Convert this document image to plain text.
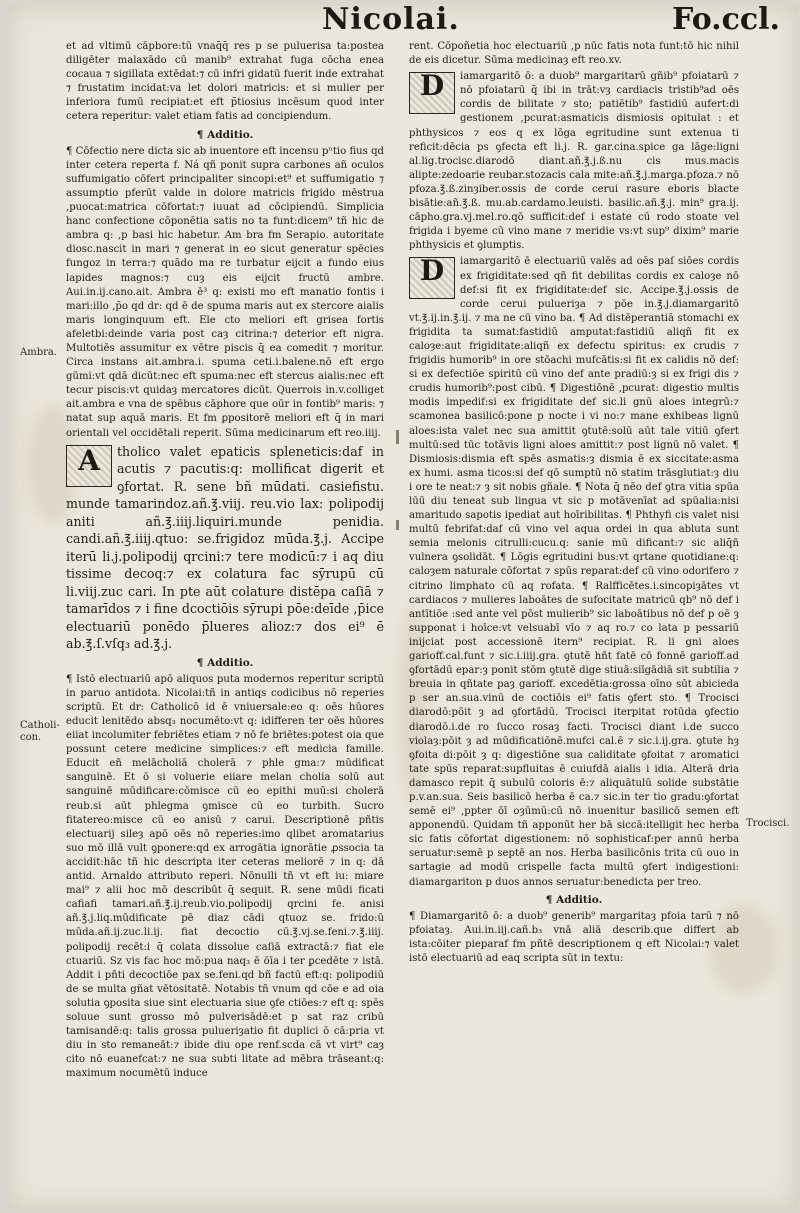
Nicolai.	Fo.ccl.
Ambra.
Catholi-
con.
Trocisci.

et ad vltimū cāpbore:tū vnaq̄q̄ res p se puluerisa ta:postea diligēter malaxādo cū manib⁹ extrahat fuga cōcha enea cocaua ⁊ sigillata extēdat:⁊ cū infri gidatū fuerit inde extrahat ⁊ frustatim incidat:va let dolori matricis: et si mulier per inferiora fumū recipiat:et eft p̄tiosius incēsum quod inter cetera reperitur: valet etiam fatis ad concipiendum.

¶ Additio.

¶ Cōfectio nere dicta sic ab inuentore eft incensu pⁿtio fius qd inter cetera reperta f. Ná qñ ponit supra carbones añ oculos suffumigatio cōfert principaliter sincopi:et⁹ et suffumigatio ⁊ assumptio pferūt valde in dolore matricis frigido mēstrua ,puocat:matrica cōfortat:⁊ iuuat ad cōcipiendū. Simplicia hanc confectione cōponētia satis no ta funt:dicem⁹ tñ hic de ambra q: ,p basi hic habetur. Am bra fm Serapio. autoritate diosc.nascit in mari ⁊ generat in eo sicut generatur spēcies fungoz in terra:⁊ quādo ma re turbatur eijcit a fundo eius lapides magnos:⁊ cuȝ eis eijcit fructū ambre. Aui.in.ij.cano.ait. Ambra ē³ q: existi mo eft manatio fontis i mari:illo ,p̄o qd dr: qd ē de spuma maris aut ex stercore aialis maris longinquum eft. Ele cto meliori eft grisea fortis afeletbi:deinde varia post caȝ citrina:⁊ deterior eft nigra. Multotiēs assumitur ex vētre piscis q̄ ea comedit ⁊ moritur. Circa instans ait.ambra.i. spuma ceti.i.balene.nō eft ergo gūmi:vt qdā dicūt:nec eft spuma:nec eft stercus aialis:nec eft tecur piscis:vt quidaȝ mercatores dicūt. Querrois in.v.colliget ait.ambra e vna de spēbus cāphore que oūr in fontib⁹ maris: ⁊ natat sup aquā maris. Et fm ꝑpositorē meliori eft q̄ in mari orientali vel occidētali reperit. Sūma medicinarum eft reo.iiij.

A	tholico valet epaticis spleneticis:daf in acutis ⁊ pacutis:q: mollificat digerit et ꝯfortat. R. sene bñ mūdati. casiefistu. munde tamarindoz.añ.℥.viij. reu.vio lax: polipodij aniti añ.℥.iiij.liquiri.munde penidia. candi.añ.℥.iiij.qtuo: se.frigidoz mūda.℥.j. Accipe iterū li.j.polipodij qrcini:⁊ tere modicū:⁊ i aq diu tissime decoq:⁊ ex colatura fac sȳrupū cū li.viij.zuc cari. In pte aūt colature distēpa caſiā ⁊ tamarīdos ⁊ i fine dcoctiōis sȳrupi pōe:deīde ,p̄ice electuariū ponēdo p̄lueres alioz:⁊ dos ei⁹ ē ab.℥.ſ.vſq₃ ad.℥.j.

¶ Additio.

¶ Istō electuariū apō aliquos puta modernos reperitur scriptū in paruo antidota. Nicolai:tñ in antiqs codicibus nō reperies scriptū. Et dr: Catholicō id ē vniuersale:eo q: oēs hūores educit lenitēdo absq₃ nocumēto:vt q: idifferen ter oēs hūores eiiat incolumiter febriētes etiam ⁊ nō fe briētes:potest oia que possunt cetere medicine simplices:⁊ eft medicia famille. Educit eñ melācholiā cholerā ⁊ phle gma:⁊ mūdificat sanguinē. Et ō si voluerie eiiare melan cholia solū aut sanguinē mūdificare:cōmisce cū eo epithi muū:si cholerā reub.si aūt phlegma ꝯmisce cū eo turbith. Sucro fitatereo:misce cū eo anisū ⁊ carui. Descriptionē pñtis electuarij sileȝ apō oēs nō reperies:imo qlibet aromatarius suo mō illā vult ꝯponere:qd ex arrogātia ignorātie ꝓssocia ta accidit:hāc tñ hic descripta iter ceteras meliorē ⁊ in q: dā antid. Arnaldo attributo reperi. Nōnulli tñ vt eft iu: miare mai⁹ ⁊ alii hoc mō describūt q̄ sequit. R. sene mūdi ficati cafiafi tamari.añ.℥.ij.reub.vio.polipodij qrcini fe. anisi añ.℥.j.liq.mūdificate pē diaz cādi qtuoz se. frido:ū mūda.añ.ij.zuc.li.ij. fiat decoctio cū.℥.vj.se.feni.⁊.℥.iiij. polipodij recēt:i q̄ colata dissolue caſiā extractā:⁊ fiat ele ctuariū. Sz vis fac hoc mō:pua naq₃ ē ōīa i ter ꝑcedēte ⁊ istā. Addit i pñti decoctiōe pax se.feni.qd bñ factū eft:q: polipodiū de se multa gñat vētositatē. Notabis tñ vnum qd cōe e ad oia solutia ꝯposita siue sint electuaria siue ꝯfe ctiōes:⁊ eft q: spēs soluue sunt grosso mō pulverisādē:et p sat raz cribū tamisandē:q: talis grossa pulueriȝatio fit duplici ō cā:pria vt diu in sto remaneāt:⁊ ibide diu ope renf.scda cā vt virt⁹ caȝ cito nō euanefcat:⁊ ne sua subti litate ad mēbra trāseant:q: maximum nocumētū induce

rent. Cōpoñetia hoc electuariū ,p nūc fatis nota funt:tō hic nihil de eis dicetur. Sūma medicinaȝ eft reo.xv.

D	iamargaritō ō: a duob⁹ margaritarū gñib⁹ pfoiatarū ⁊ nō pfoiatarū q̄ ibi in trāt:vȝ cardiacis tristib⁹ad oēs cordis de bilitate ⁊ sto; patiētib⁹ fastidiū aufert:di gestionem ,pcurat:asmaticis dismiosis opitulat : et phthysicos ⁊ eos q ex lōga egritudine sunt extenua ti reficit:dēcia ps ꝯfecta eft li.j. R. gar.cina.spice ga lāge:ligni al.lig.trocisc.diarodō diant.añ.℥.j.ß.nu cis mus.macis alipte:zedoarie reubar.stozacis cala mite:añ.℥.j.marga.pfoza.⁊ nō pfoza.℥.ß.zinȝiber.ossis de corde cerui rasure eboris blacte bisātie:añ.℥.ß. mu.ab.cardamo.leuisti. basilic.añ.℥.j. min⁹ gra.ij. cāpho.gra.vj.mel.ro.qō sufficit:def i estate cū rodo stoate vel frigida i byeme cū vino mane ⁊ meridie vs:vt sup⁹ dixim⁹ marie phthysicis et ꝯlumptis.

D	iamargaritō ē electuariū valēs ad oēs paſ siōes cordis ex frigiditate:sed qñ fit debilitas cordis ex caloȝe nō def:si fit ex frigiditate:def sic. Accipe.℥.j.ossis de corde cerui pulueriȝa ⁊ pōe in.℥.j.diamargaritō vt.℥.ij.in.℥.ij. ⁊ ma ne cū vino ba. ¶ Ad distēperantiā stomachi ex frigidita ta sumat:fastidiū amputat:fastidiū aliqñ fit ex caloȝe:aut frigiditate:aliqñ ex defectu spiritus: ex crudis ⁊ frigidis humorib⁹ in ore stōachi mufcātis:si fit ex calidis nō def: si ex defectiōe spiritū cū vino def ante pradiū:ȝ si ex frigi dis ⁊ crudis humorib⁹:post cibū. ¶ Digestiōnē ,pcurat: digestio multis modis impedif:si ex frigiditate def sic.li gnū aloes integrū:⁊ scamonea basilicō:pone p nocte i vi no:⁊ mane exhibeas lignū aloes:ista valet nec sua amittit ꝯtutē:solū aūt tale vitiū ꝯfert multū:sed tūc totāvis ligni aloes amittit:⁊ post lignū nō valet. ¶ Dismiosis:dismia eft spēs asmatis:ȝ dismia ē ex siccitate:asma ex humi. asma ticos:si def qō sumptū nō statim trāsglutiat:ȝ diu i ore te neat:⁊ ȝ sit nobis gñale. ¶ Nota q̄ nēo def ꝯtra vitia spūa lūū diu teneat sub lingua vt sic p motāvenīat ad spūalia:nisi amaritudo sapotis ipediat aut hoīribilitas. ¶ Phthyfi cis valet nisi multū febrifat:daf cū vino vel aqua ordei in qua abluta sunt semia melonis citrulli:cucu.q: sanie mū dificant:⁊ sic aliq̄ñ vulnera ꝯsolidāt. ¶ Lōgis egritudini bus:vt qrtane quotidiane:q: caloȝem naturale cōfortat ⁊ spūs reparat:def cū vino odorifero ⁊ citrino limphato cū aq rofata. ¶ Ralfficētes.i.sincopiȝātes vt cardiacos ⁊ mulieres laboātes de sufocitate matricū qb⁹ nō def i antītiōe :sed ante vel pōst mulierib⁹ sic laboātibus nō def p oē ȝ supponat i hoīce:vt velsuabī vīo ⁊ aq ro.⁊ co lata p pessariū inijciat post accessionē itern⁹ recipiat. R. li gni aloes garioff.cal.funt ⁊ sic.i.iiij.gra. ꝯtutē hñt fatē cō fonnē garioff.ad ꝯfortādū epar:ȝ ponit stōm ꝯtutē dige stiuā:siīgādiā sit subtilia ⁊ breuia in qñtate paȝ garioff. excedētia:grossa oīno sūt abicieda p ser an.sua.vinū de coctiōis ei⁹ fatis ꝯfert sto. ¶ Trocisci diarodō:pōit ȝ ad ꝯfortādū. Trocisci iterpitat rotūda ꝯfectio diarodō.i.de ro ſucco rosaȝ facti. Trocisci diant i.de succo violaȝ:pōit ȝ ad mūdificatiōnē.mufci cal.ē ⁊ sic.i.ij.gra. ꝯtute hȝ ꝯfoita di:pōit ȝ q: digestiōne sua caliditate ꝯfoitat ⁊ aromatici tate spūs reparat:supfluitas ē cuiufdā aialis i idia. Alterā dria damasco repit q̄ subulū coloris ē:⁊ aliquātulū solide substātie p.v.an.sua. Seis basilicō herba ē ca.⁊ sic.in ter tio gradu:ꝯfortat semē ei⁹ ,ppter ōī oȝūmū:cū nō inuenitur basilicō semen eft apponendū. Quidam tñ apponūt her bā siccā:itelligit hec herba sic fatis cōfortat digestionem: nō sophisticaf:per annū herba seruatur:semē p septē an nos. Herba basilicōnis trita cū ouo in sartagie ad modū crispelle facta multū ꝯfert indigestioni: diamargariton p duos annos seruatur:benedicta per treo.

¶ Additio.

¶ Diamargaritō ō: a duob⁹ generib⁹ margaritaȝ pfoia tarū ⁊ nō pfoiataȝ. Aui.in.iij.cañ.b₃ vnā aliā describ.que differt ab ista:cōiter pieparaf fm pñtē descriptionem q eft Nicolai:⁊ valet istō electuariū ad eaq scripta sūt in textu:
